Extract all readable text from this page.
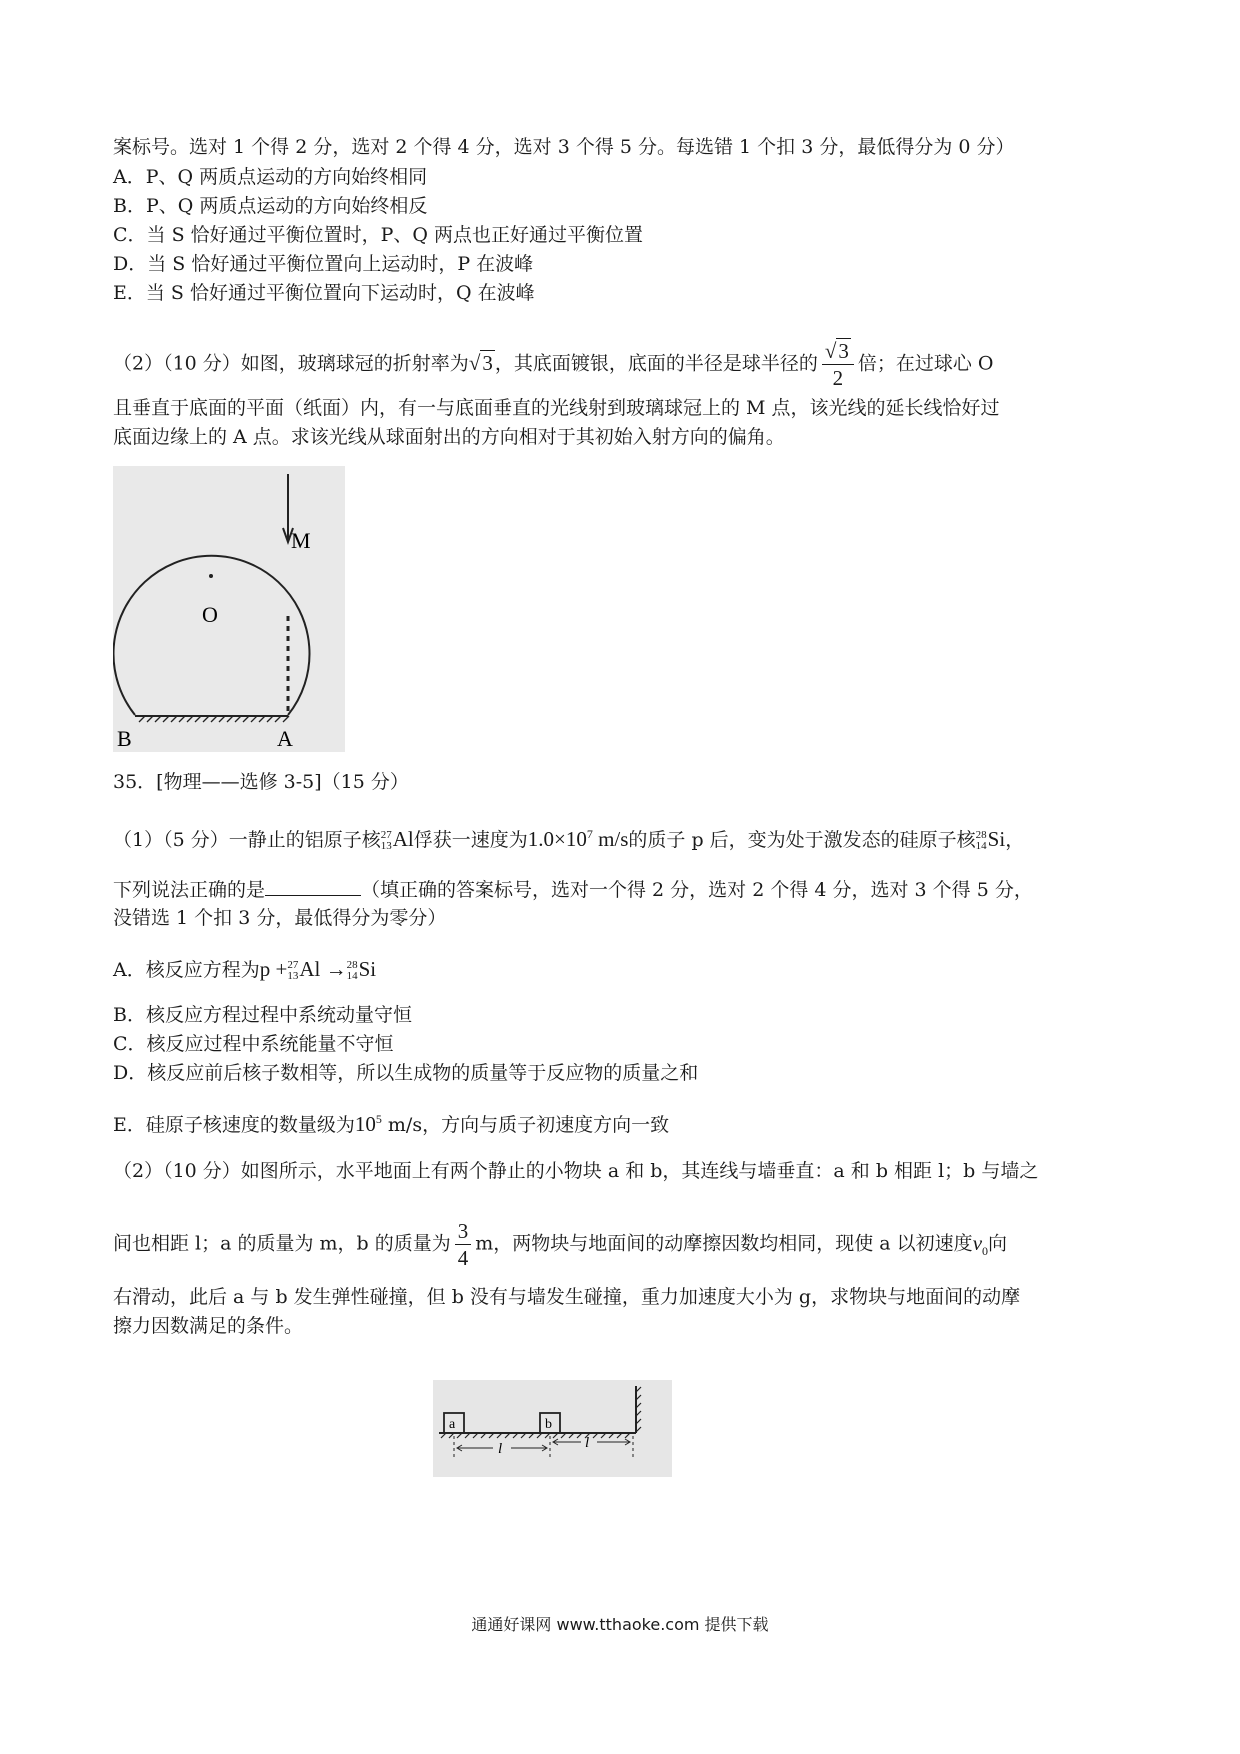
案标号。选对 1 个得 2 分，选对 2 个得 4 分，选对 3 个得 5 分。每选错 1 个扣 3 分，最低得分为 0 分）
A．P、Q 两质点运动的方向始终相同
B．P、Q 两质点运动的方向始终相反
C．当 S 恰好通过平衡位置时，P、Q 两点也正好通过平衡位置
D．当 S 恰好通过平衡位置向上运动时，P 在波峰
E．当 S 恰好通过平衡位置向下运动时，Q 在波峰
（2）（10 分）如图，玻璃球冠的折射率为√3 ，其底面镀银，底面的半径是球半径的 $\frac{√3}{2}$ 倍；在过球心 O
且垂直于底面的平面（纸面）内，有一与底面垂直的光线射到玻璃球冠上的 M 点，该光线的延长线恰好过
底面边缘上的 A 点。求该光线从球面射出的方向相对于其初始入射方向的偏角。
M
O
B	A
35．[物理——选修 3-5]（15 分）
（1）（5 分）一静止的铝原子核 27
13 Al俘获一速度为$1.0\times 10^7$ m/s的质子 p 后，变为处于激发态的硅原子核 28
14 Si，
下列说法正确的是	（填正确的答案标号，选对一个得 2 分，选对 2 个得 4 分，选对 3 个得 5 分，
没错选 1 个扣 3 分，最低得分为零分）
A．核反应方程为p + 27
13 Al → 28
14 Si
B．核反应方程过程中系统动量守恒
C．核反应过程中系统能量不守恒
D．核反应前后核子数相等，所以生成物的质量等于反应物的质量之和
E．硅原子核速度的数量级为$10^5$ m/s，方向与质子初速度方向一致
（2）（10 分）如图所示，水平地面上有两个静止的小物块 a 和 b，其连线与墙垂直：a 和 b 相距 l；b 与墙之
间也相距 l；a 的质量为 m，b 的质量为 $\frac{3}{4}$ m，两物块与地面间的动摩擦因数均相同，现使 a 以初速度$v_0$向
右滑动，此后 a 与 b 发生弹性碰撞，但 b 没有与墙发生碰撞，重力加速度大小为 g，求物块与地面间的动摩
擦力因数满足的条件。
a	b
l	l
通通好课网 www.tthaoke.com 提供下载
